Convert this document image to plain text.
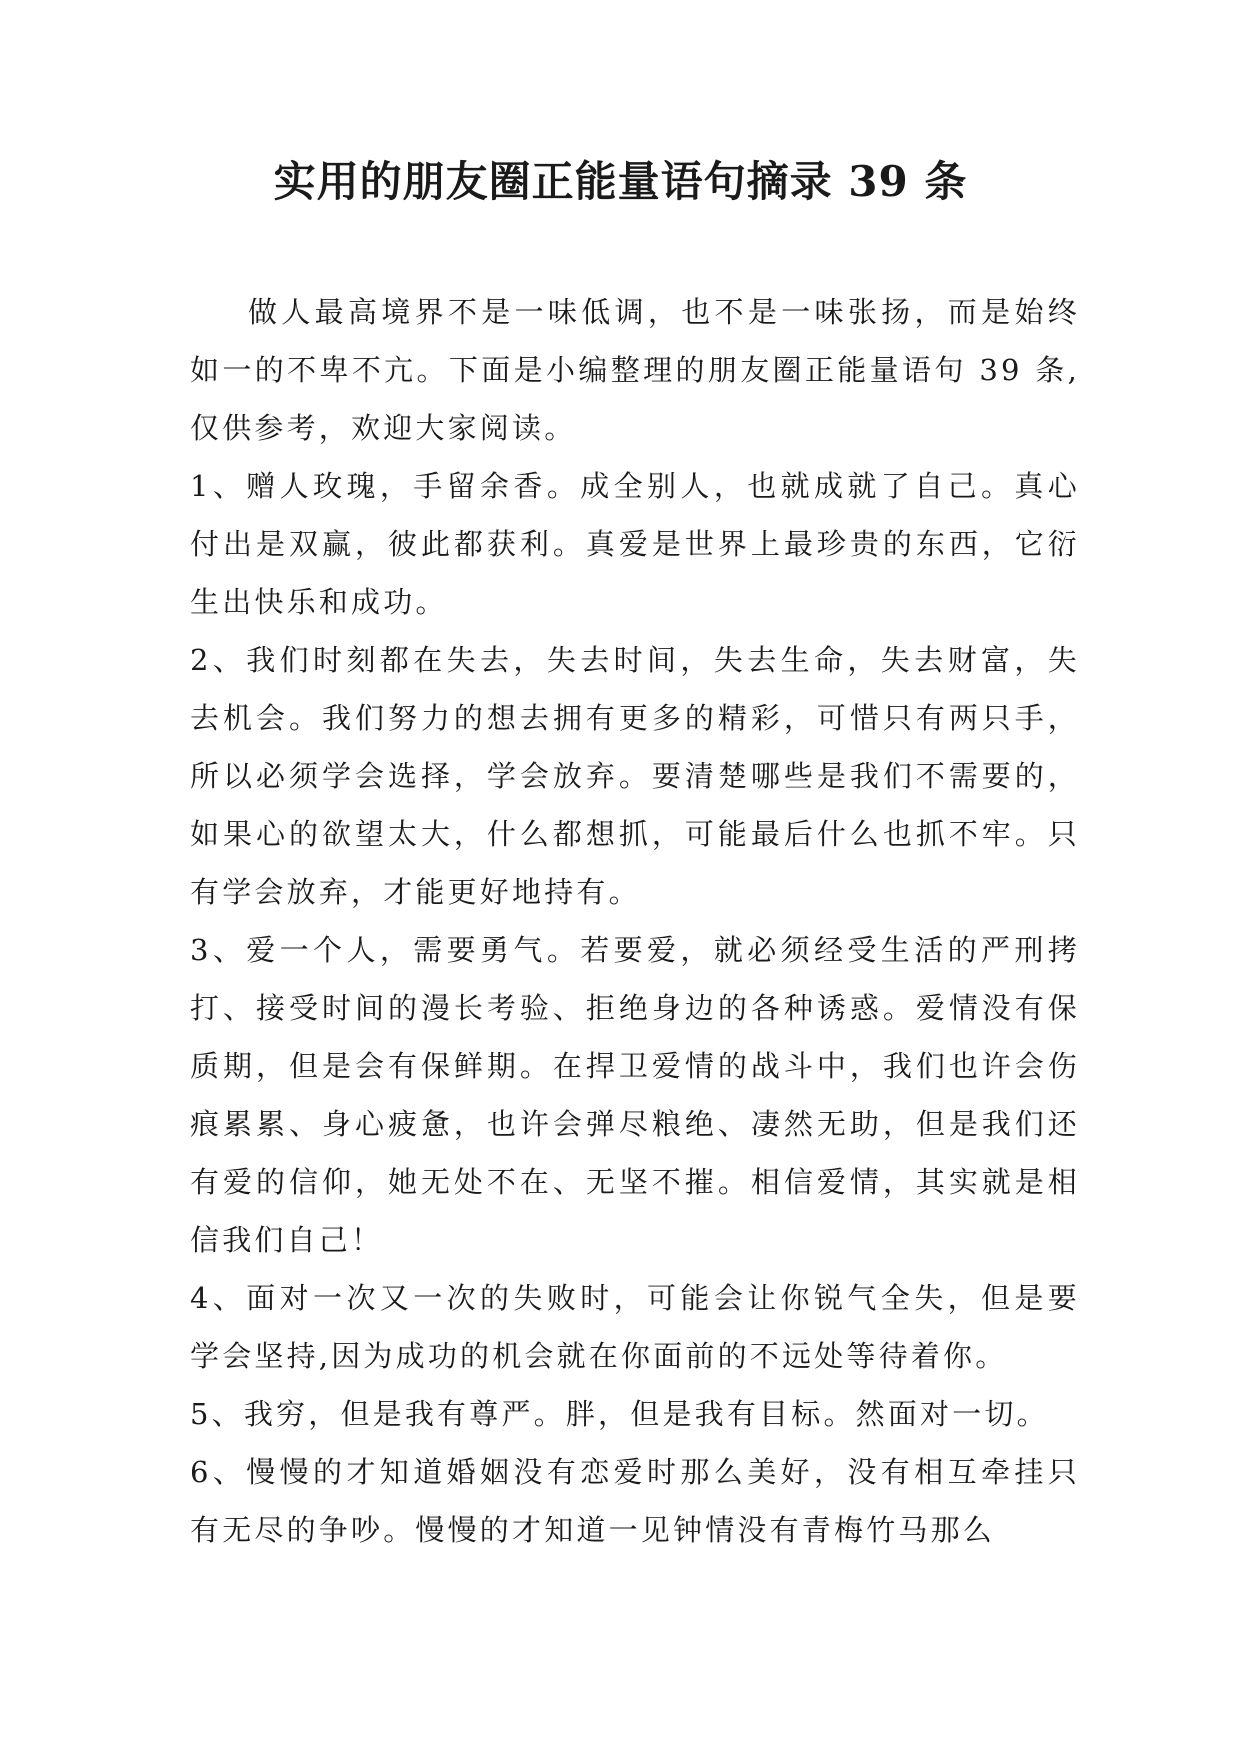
实用的朋友圈正能量语句摘录 39 条

做人最高境界不是一味低调，也不是一味张扬，而是始终如一的不卑不亢。下面是小编整理的朋友圈正能量语句 39 条,仅供参考，欢迎大家阅读。

1、赠人玫瑰，手留余香。成全别人，也就成就了自己。真心付出是双赢，彼此都获利。真爱是世界上最珍贵的东西，它衍生出快乐和成功。

2、我们时刻都在失去，失去时间，失去生命，失去财富，失去机会。我们努力的想去拥有更多的精彩，可惜只有两只手，所以必须学会选择，学会放弃。要清楚哪些是我们不需要的，如果心的欲望太大，什么都想抓，可能最后什么也抓不牢。只有学会放弃，才能更好地持有。

3、爱一个人，需要勇气。若要爱，就必须经受生活的严刑拷打、接受时间的漫长考验、拒绝身边的各种诱惑。爱情没有保质期，但是会有保鲜期。在捍卫爱情的战斗中，我们也许会伤痕累累、身心疲惫，也许会弹尽粮绝、凄然无助，但是我们还有爱的信仰，她无处不在、无坚不摧。相信爱情，其实就是相信我们自己！

4、面对一次又一次的失败时，可能会让你锐气全失，但是要学会坚持,因为成功的机会就在你面前的不远处等待着你。

5、我穷，但是我有尊严。胖，但是我有目标。然面对一切。

6、慢慢的才知道婚姻没有恋爱时那么美好，没有相互牵挂只有无尽的争吵。慢慢的才知道一见钟情没有青梅竹马那么
